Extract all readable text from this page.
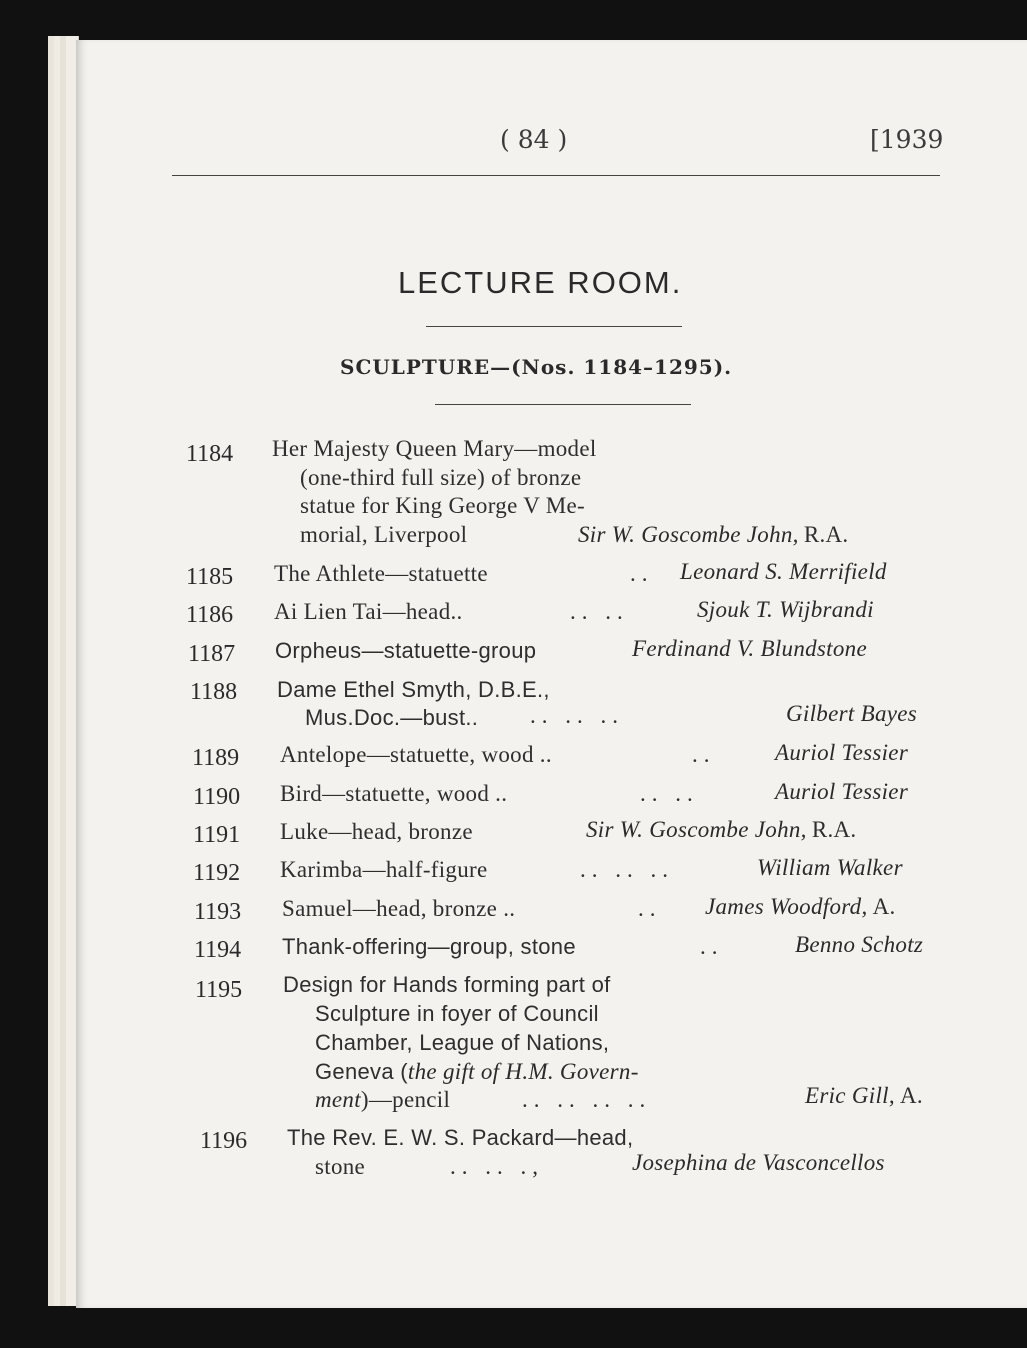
( 84 )	[1939
LECTURE ROOM.
SCULPTURE—(Nos. 1184–1295).
1184 Her Majesty Queen Mary—model
(one-third full size) of bronze
statue for King George V Me-
morial, Liverpool	Sir W. Goscombe John, R.A.
1185 The Athlete—statuette	.. Leonard S. Merrifield
1186 Ai Lien Tai—head..	.. ..	Sjouk T. Wijbrandi
1187 Orpheus—statuette-group	Ferdinand V. Blundstone
1188 Dame Ethel Smyth, D.B.E.,
Mus.Doc.—bust.. .. .. ..	Gilbert Bayes
1189 Antelope—statuette, wood ..	..	Auriol Tessier
1190 Bird—statuette, wood ..	.. ..	Auriol Tessier
1191 Luke—head, bronze	Sir W. Goscombe John, R.A.
1192 Karimba—half-figure	.. .. ..	William Walker
1193 Samuel—head, bronze ..	.. James Woodford, A.
1194 Thank-offering—group, stone	..	Benno Schotz
1195 Design for Hands forming part of
Sculpture in foyer of Council
Chamber, League of Nations,
Geneva (the gift of H.M. Govern-
ment)—pencil	.. .. .. ..	Eric Gill, A.
1196 The Rev. E. W. S. Packard—head,
stone	.. .. .,	Josephina de Vasconcellos
